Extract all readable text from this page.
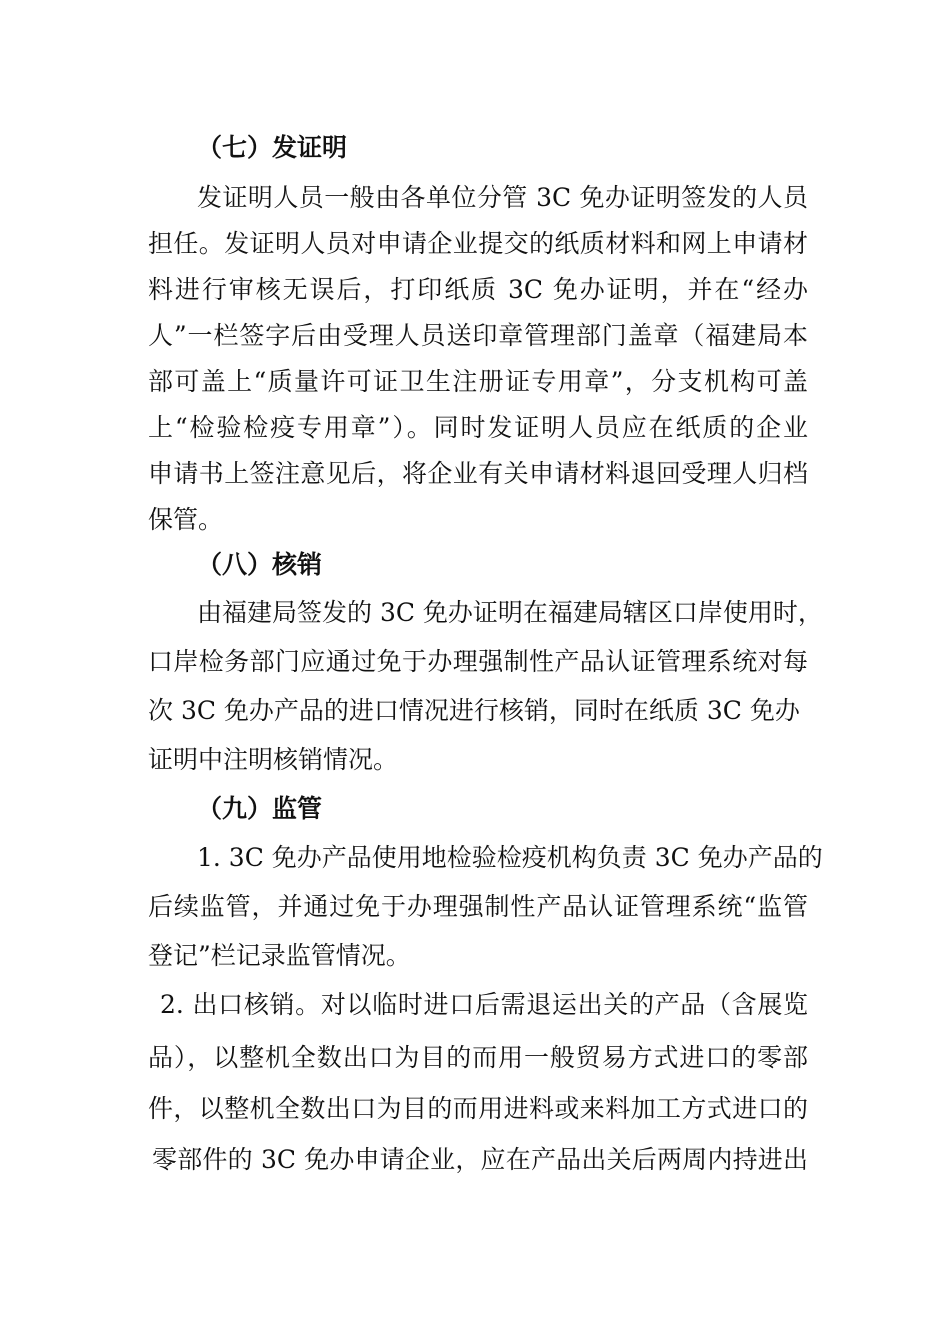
（七）发证明
发证明人员一般由各单位分管 3C 免办证明签发的人员
担任。发证明人员对申请企业提交的纸质材料和网上申请材
料进行审核无误后，打印纸质 3C 免办证明，并在“经办
人”一栏签字后由受理人员送印章管理部门盖章（福建局本
部可盖上“质量许可证卫生注册证专用章”，分支机构可盖
上“检验检疫专用章”）。同时发证明人员应在纸质的企业
申请书上签注意见后，将企业有关申请材料退回受理人归档
保管。
（八）核销
由福建局签发的 3C 免办证明在福建局辖区口岸使用时，
口岸检务部门应通过免于办理强制性产品认证管理系统对每
次 3C 免办产品的进口情况进行核销，同时在纸质 3C 免办
证明中注明核销情况。
（九）监管
1. 3C 免办产品使用地检验检疫机构负责 3C 免办产品的
后续监管，并通过免于办理强制性产品认证管理系统“监管
登记”栏记录监管情况。
2. 出口核销。对以临时进口后需退运出关的产品（含展览
品），以整机全数出口为目的而用一般贸易方式进口的零部
件，以整机全数出口为目的而用进料或来料加工方式进口的
零部件的 3C 免办申请企业，应在产品出关后两周内持进出
